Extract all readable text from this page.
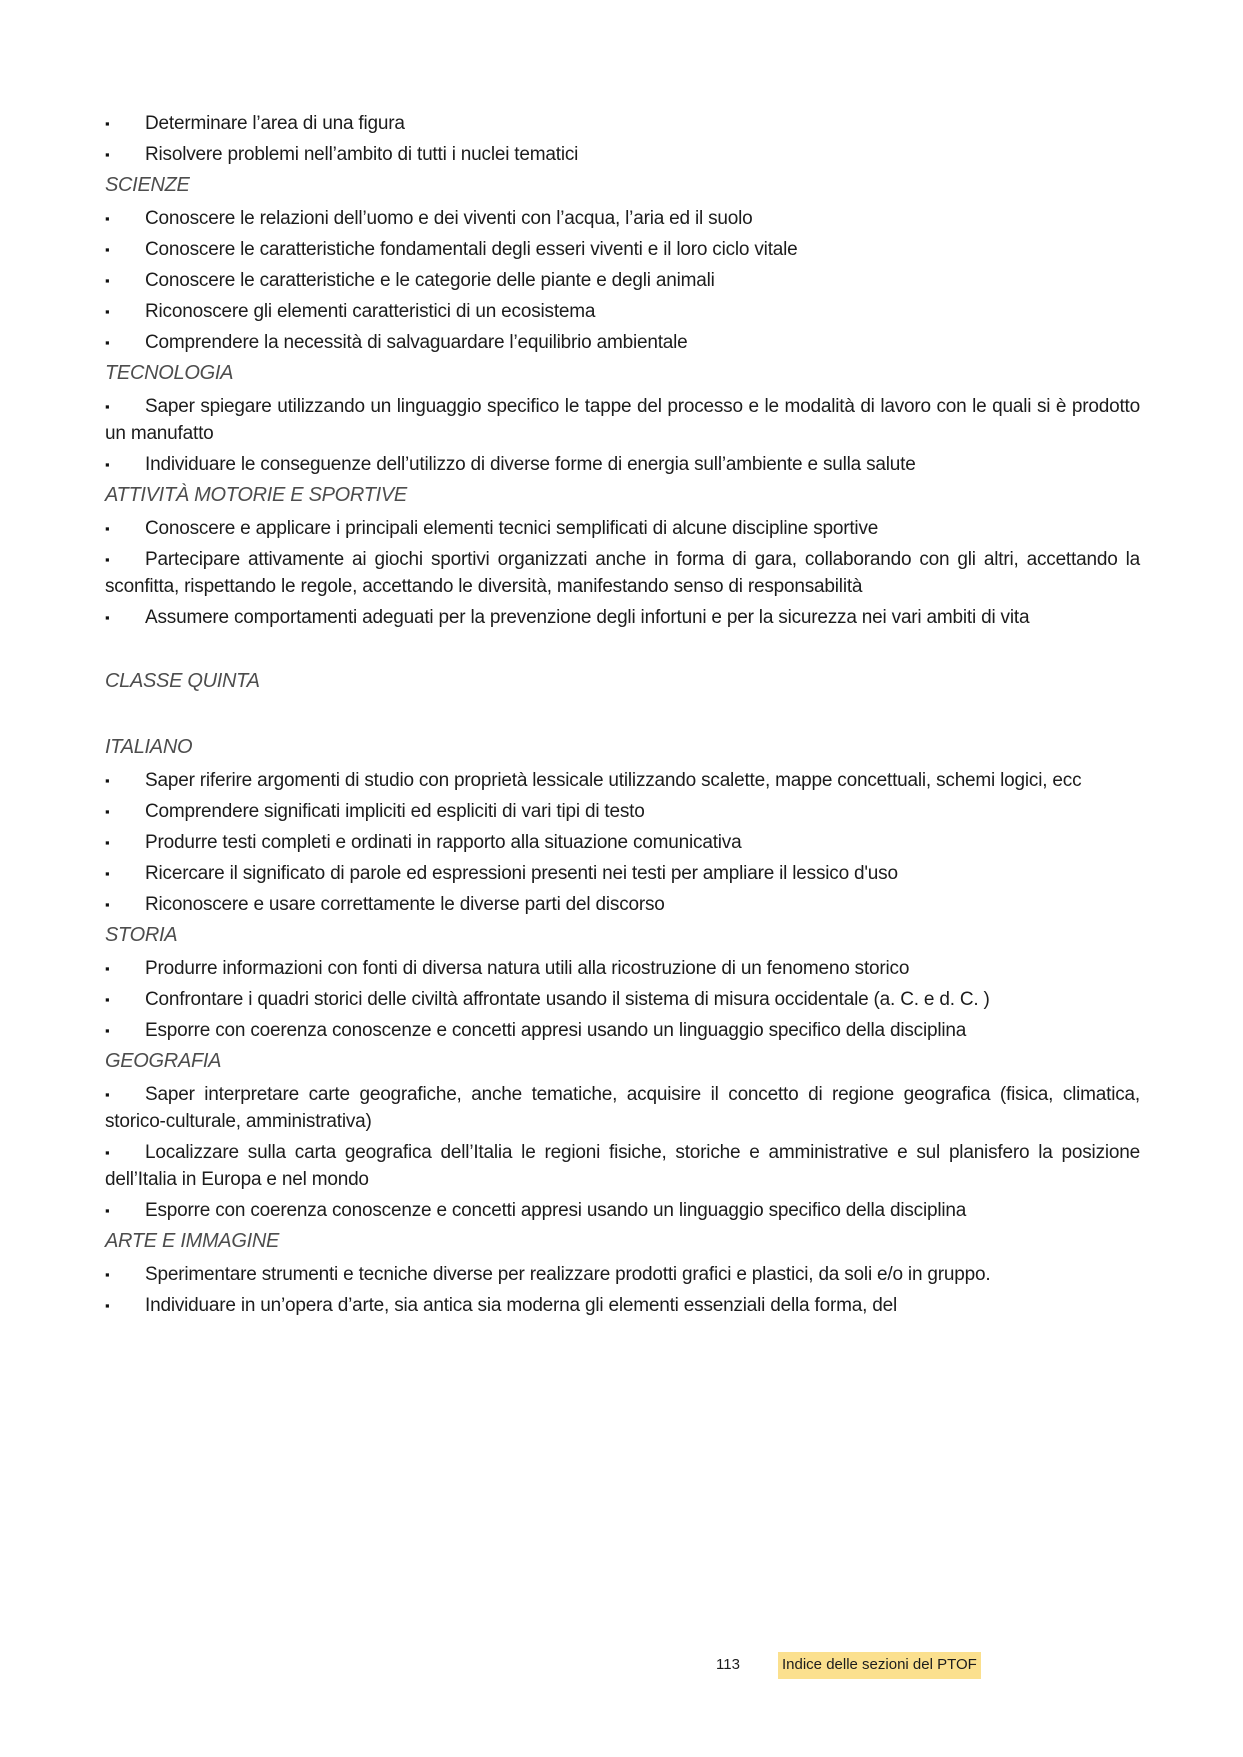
▪ Determinare l’area di una figura

▪ Risolvere problemi nell’ambito di tutti i nuclei tematici

SCIENZE

▪ Conoscere le relazioni dell’uomo e dei viventi con l’acqua, l’aria ed il suolo

▪ Conoscere le caratteristiche fondamentali degli esseri viventi e il loro ciclo vitale

▪ Conoscere le caratteristiche e le categorie delle piante e degli animali

▪ Riconoscere gli elementi caratteristici di un ecosistema

▪ Comprendere la necessità di salvaguardare l’equilibrio ambientale

TECNOLOGIA

▪ Saper spiegare utilizzando un linguaggio specifico le tappe del processo e le modalità di lavoro con le quali si è prodotto un manufatto

▪ Individuare le conseguenze dell’utilizzo di diverse forme di energia sull’ambiente e sulla salute

ATTIVITÀ MOTORIE E SPORTIVE

▪ Conoscere e applicare i principali elementi tecnici semplificati di alcune discipline sportive

▪ Partecipare attivamente ai giochi sportivi organizzati anche in forma di gara, collaborando con gli altri, accettando la sconfitta, rispettando le regole, accettando le diversità, manifestando senso di responsabilità

▪ Assumere comportamenti adeguati per la prevenzione degli infortuni e per la sicurezza nei vari ambiti di vita

CLASSE QUINTA

ITALIANO

▪ Saper riferire argomenti di studio con proprietà lessicale utilizzando scalette, mappe concettuali, schemi logici, ecc

▪ Comprendere significati impliciti ed espliciti di vari tipi di testo

▪ Produrre testi completi e ordinati in rapporto alla situazione comunicativa

▪ Ricercare il significato di parole ed espressioni presenti nei testi per ampliare il lessico d'uso

▪ Riconoscere e usare correttamente le diverse parti del discorso

STORIA

▪ Produrre informazioni con fonti di diversa natura utili alla ricostruzione di un fenomeno storico

▪ Confrontare i quadri storici delle civiltà affrontate usando il sistema di misura occidentale (a. C. e d. C. )

▪ Esporre con coerenza conoscenze e concetti appresi usando un linguaggio specifico della disciplina

GEOGRAFIA

▪ Saper interpretare carte geografiche, anche tematiche, acquisire il concetto di regione geografica (fisica, climatica, storico-culturale, amministrativa)

▪ Localizzare sulla carta geografica dell’Italia le regioni fisiche, storiche e amministrative e sul planisfero la posizione dell’Italia in Europa e nel mondo

▪ Esporre con coerenza conoscenze e concetti appresi usando un linguaggio specifico della disciplina

ARTE E IMMAGINE

▪ Sperimentare strumenti e tecniche diverse per realizzare prodotti grafici e plastici, da soli e/o in gruppo.

▪ Individuare in un’opera d’arte, sia antica sia moderna gli elementi essenziali della forma, del

113	Indice delle sezioni del PTOF
